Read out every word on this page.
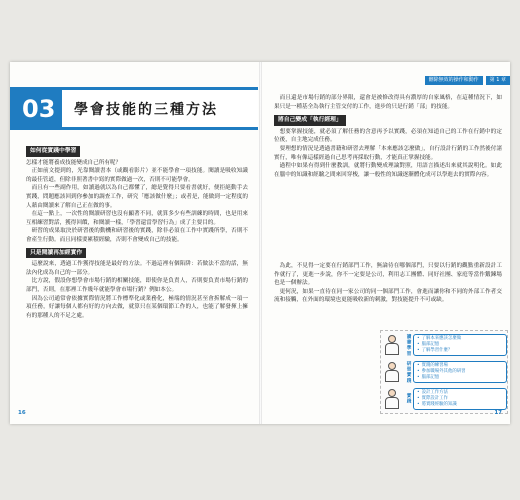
03	學會技能的三種方法
如何從實踐中學習

怎樣才能將養成技能變成自己所有呢？

正如前文提到的，光靠閱讀書本（或觀看影片）並不能學會一項技能。閱讀是吸收知識的最佳管道，但除非照著書中寫的實際做過一次，否則不可能學會。

而且有一些副作用，如讀過就以為自己都懂了，總是覺得只要看書就好，便拒絕動手去實踐，問題應該回到你參加的調查工作，研究「應該做什麼」；或者是，能做到一定程度的人藉由閱讀來了解自己正在做的事。

在這一點上，一次性的閱讀研習也沒有顯著不同，就算多少有些訓練的時間，也是用來互相練習對話，獲得回饋，和閱讀一樣，「學習還當學習行為」成了主要目的。

研習的成果取決於研習後的動機和研習後的實踐，除非必須在工作中實踐所學，否則不會產生行動。而且同樣要累積經驗，否則不會變成自己的技能。

只是閱讀再加經實作

這麼說來，透過工作獲得技能是最好的方法。不過這裡有個陷阱：若做法不當的話，無法內化成為自己的一部分。

比方說，假設你想學會市場行銷的相關技能，即使你是負責人，否則要負責市場行銷的部門，否則，在那裡工作幾年就能學會市場行銷？例如本公。

因為公司通常會依據實際情況將工作標準化或業務化，極端的情況甚至會拆解成一項一項任務，好讓每個人都有好的方向去做，就算只在某個環節工作的人，也能了解發揮上擁有的那種人的不足之處。

16
刪除無效的操作和動作	第 1 章

而且還是市場行銷的部分界限，還會是被修改得具有濃厚的自家風格，在這種情況下，如果只是一種基全為執行主管交付的工作，進步的只是行銷「部」的技能。

將自己變成「執行經理」

想要掌握技能，就必須了解任務的含意再予以實踐，必須在知道自己的工作在行銷中的定位後，自主地完成任務。

要理想的情況是透過書籍和研習去理解「本來應該怎麼做」，自行設計行銷的工作然後付諸實行，唯有像這樣經過自己思考再採取行動，才能真正掌握技能。

過程中如果有得到什麼教訓，就將行動變成理論對照，用語言描述出來就其說明化。如此在腦中的知識和經驗之間來回穿梭，讓一般性的知識逐漸體化成可以學進去的實際內容。

為此，不見得一定要在行銷部門工作，無論待在哪個部門，只要以行銷的觀點重新設計工作就行了，更進一步說，你不一定要是公司，利用志工團體、同好社團、家庭等當作鍛鍊場也是一個辦法。

更何況，如果一直待在同一家公司的同一個部門工作，會進而讓你和不同的外部工作者交流和接觸，在外面的環境也更能吸收新的刺激，對技能提升不可或缺。

讀書學習	• 了解本來應該怎麼做
• 腦部記憶
• 了解學習什麼？
研習實踐	• 實踐的練習場
• 參加職場外其他的研習
• 腦部記憶
實踐
• 設計工作方法
• 實際設計工作
• 將實踐經驗的知識
17
